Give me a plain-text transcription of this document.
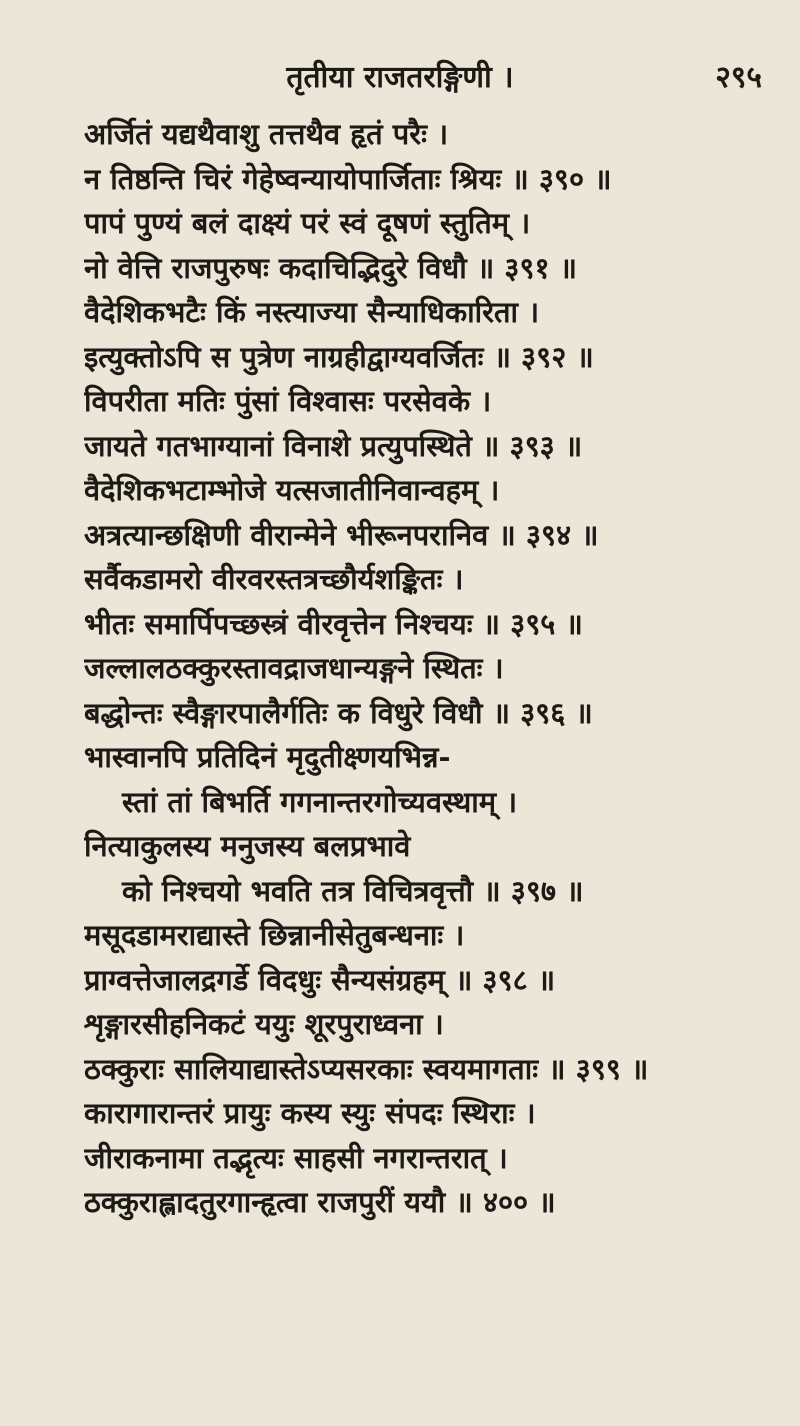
तृतीया राजतरङ्गिणी ।	२९५
अर्जितं यद्यथैवाशु तत्तथैव हृतं परैः ।
न तिष्ठन्ति चिरं गेहेष्वन्यायोपार्जिताः श्रियः ॥ ३९० ॥
पापं पुण्यं बलं दाक्ष्यं परं स्वं दूषणं स्तुतिम् ।
नो वेत्ति राजपुरुषः कदाचिद्भिदुरे विधौ ॥ ३९१ ॥
वैदेशिकभटैः किं नस्त्याज्या सैन्याधिकारिता ।
इत्युक्तोऽपि स पुत्रेण नाग्रहीद्वाग्यवर्जितः ॥ ३९२ ॥
विपरीता मतिः पुंसां विश्वासः परसेवके ।
जायते गतभाग्यानां विनाशे प्रत्युपस्थिते ॥ ३९३ ॥
वैदेशिकभटाम्भोजे यत्सजातीनिवान्वहम् ।
अत्रत्यान्छक्षिणी वीरान्मेने भीरूनपरानिव ॥ ३९४ ॥
सर्वैकडामरो वीरवरस्तत्रच्छौर्यशङ्कितः ।
भीतः समार्पिपच्छस्त्रं वीरवृत्तेन निश्चयः ॥ ३९५ ॥
जल्लालठक्कुरस्तावद्राजधान्यङ्गने स्थितः ।
बद्धोन्तः स्वैङ्गारपालैर्गतिः क विधुरे विधौ ॥ ३९६ ॥
भास्वानपि प्रतिदिनं मृदुतीक्ष्णयभिन्न-
स्तां तां बिभर्ति गगनान्तरगोच्यवस्थाम् ।
नित्याकुलस्य मनुजस्य बलप्रभावे
को निश्चयो भवति तत्र विचित्रवृत्तौ ॥ ३९७ ॥
मसूदडामराद्यास्ते छिन्नानीसेतुबन्धनाः ।
प्राग्वत्तेजालद्रगर्डे विदधुः सैन्यसंग्रहम् ॥ ३९८ ॥
शृङ्गारसीहनिकटं ययुः शूरपुराध्वना ।
ठक्कुराः सालियाद्यास्तेऽप्यसरकाः स्वयमागताः ॥ ३९९ ॥
कारागारान्तरं प्रायुः कस्य स्युः संपदः स्थिराः ।
जीराकनामा तद्भृत्यः साहसी नगरान्तरात् ।
ठक्कुराह्लादतुरगान्हृत्वा राजपुरीं ययौ ॥ ४०० ॥
